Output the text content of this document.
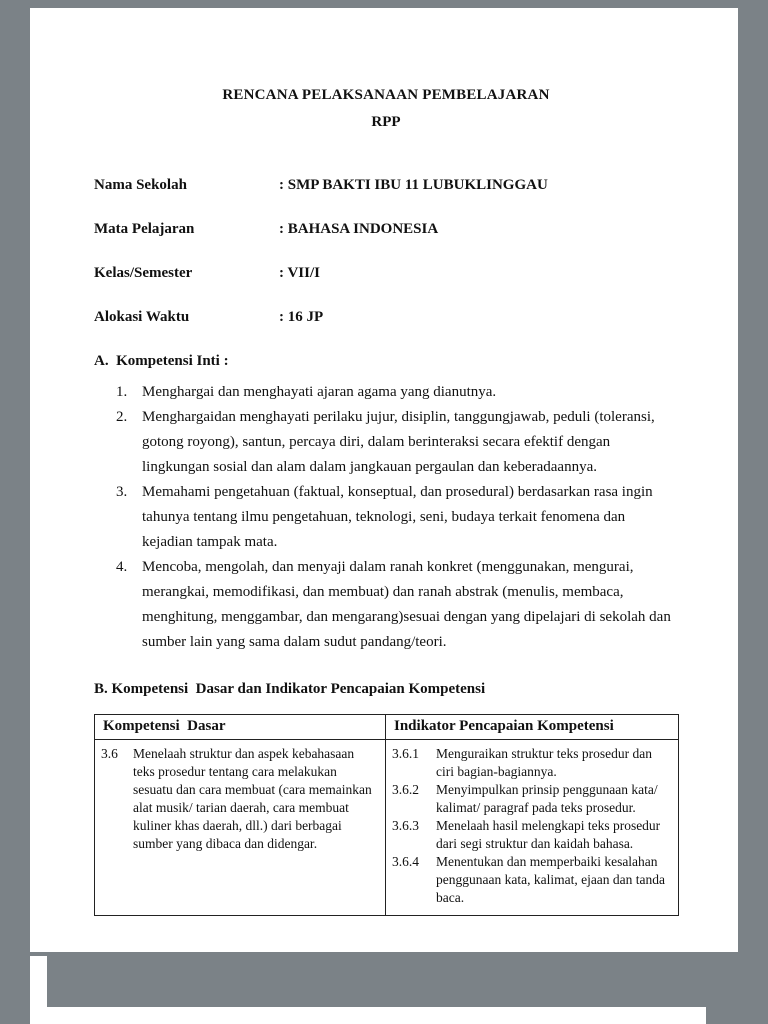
RENCANA PELAKSANAAN PEMBELAJARAN
RPP
Nama Sekolah	: SMP BAKTI IBU 11 LUBUKLINGGAU
Mata Pelajaran	: BAHASA INDONESIA
Kelas/Semester	: VII/I
Alokasi Waktu	: 16 JP
A.  Kompetensi Inti :
1. Menghargai dan menghayati ajaran agama yang dianutnya.
2. Menghargaidan menghayati perilaku jujur, disiplin, tanggungjawab, peduli (toleransi, gotong royong), santun, percaya diri, dalam berinteraksi secara efektif dengan lingkungan sosial dan alam dalam jangkauan pergaulan dan keberadaannya.
3. Memahami pengetahuan (faktual, konseptual, dan prosedural) berdasarkan rasa ingin tahunya tentang ilmu pengetahuan, teknologi, seni, budaya terkait fenomena dan kejadian tampak mata.
4. Mencoba, mengolah, dan menyaji dalam ranah konkret (menggunakan, mengurai, merangkai, memodifikasi, dan membuat) dan ranah abstrak (menulis, membaca, menghitung, menggambar, dan mengarang)sesuai dengan yang dipelajari di sekolah dan sumber lain yang sama dalam sudut pandang/teori.
B. Kompetensi  Dasar dan Indikator Pencapaian Kompetensi
Kompetensi  Dasar	Indikator Pencapaian Kompetensi

3.6	Menelaah struktur dan aspek kebahasaan teks prosedur tentang cara melakukan sesuatu dan cara membuat (cara memainkan alat musik/ tarian daerah, cara membuat kuliner khas daerah, dll.) dari berbagai sumber yang dibaca dan didengar.

3.6.1	Menguraikan struktur teks prosedur dan ciri bagian-bagiannya.
3.6.2	Menyimpulkan prinsip penggunaan kata/ kalimat/ paragraf pada teks prosedur.
3.6.3	Menelaah hasil melengkapi teks prosedur dari segi struktur dan kaidah bahasa.
3.6.4	Menentukan dan memperbaiki kesalahan penggunaan kata, kalimat, ejaan dan tanda baca.
